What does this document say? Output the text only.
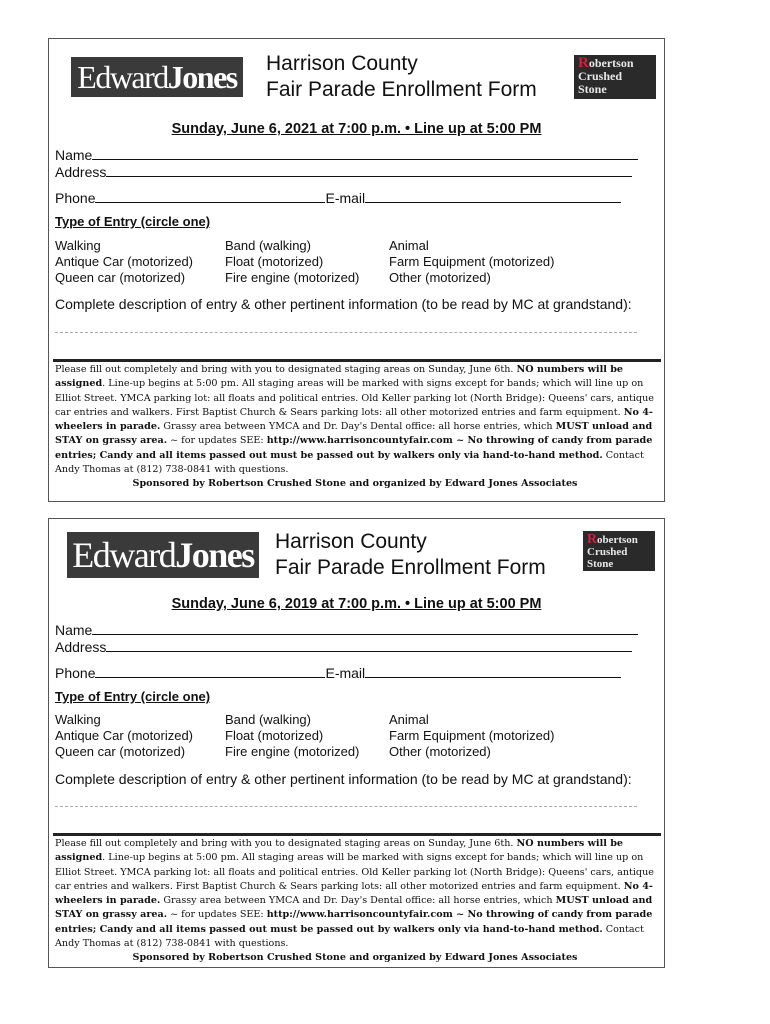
EdwardJones Harrison County
Fair Parade Enrollment Form
Robertson
Crushed
Stone
Sunday, June 6, 2021 at 7:00 p.m. • Line up at 5:00 PM
Name
Address
Phone	E-mail
Type of Entry (circle one)
Walking
Antique Car (motorized)
Queen car (motorized)
Band (walking)
Float (motorized)
Fire engine (motorized)
Animal
Farm Equipment (motorized)
Other (motorized)
Complete description of entry & other pertinent information (to be read by MC at grandstand):
Please fill out completely and bring with you to designated staging areas on Sunday, June 6th. NO numbers will be assigned. Line-up begins at 5:00 pm. All staging areas will be marked with signs except for bands; which will line up on Elliot Street. YMCA parking lot: all floats and political entries. Old Keller parking lot (North Bridge): Queens' cars, antique car entries and walkers. First Baptist Church & Sears parking lots: all other motorized entries and farm equipment. No 4-wheelers in parade. Grassy area between YMCA and Dr. Day's Dental office: all horse entries, which MUST unload and STAY on grassy area. ~ for updates SEE: http://www.harrisoncountyfair.com ~ No throwing of candy from parade entries; Candy and all items passed out must be passed out by walkers only via hand-to-hand method. Contact Andy Thomas at (812) 738-0841 with questions.
Sponsored by Robertson Crushed Stone and organized by Edward Jones Associates
EdwardJones Harrison County
Fair Parade Enrollment Form
Robertson
Crushed
Stone
Sunday, June 6, 2019 at 7:00 p.m. • Line up at 5:00 PM
Name
Address
Phone	E-mail
Type of Entry (circle one)
Walking
Antique Car (motorized)
Queen car (motorized)
Band (walking)
Float (motorized)
Fire engine (motorized)
Animal
Farm Equipment (motorized)
Other (motorized)
Complete description of entry & other pertinent information (to be read by MC at grandstand):
Please fill out completely and bring with you to designated staging areas on Sunday, June 6th. NO numbers will be assigned. Line-up begins at 5:00 pm. All staging areas will be marked with signs except for bands; which will line up on Elliot Street. YMCA parking lot: all floats and political entries. Old Keller parking lot (North Bridge): Queens' cars, antique car entries and walkers. First Baptist Church & Sears parking lots: all other motorized entries and farm equipment. No 4-wheelers in parade. Grassy area between YMCA and Dr. Day's Dental office: all horse entries, which MUST unload and STAY on grassy area. ~ for updates SEE: http://www.harrisoncountyfair.com ~ No throwing of candy from parade entries; Candy and all items passed out must be passed out by walkers only via hand-to-hand method. Contact Andy Thomas at (812) 738-0841 with questions.
Sponsored by Robertson Crushed Stone and organized by Edward Jones Associates
